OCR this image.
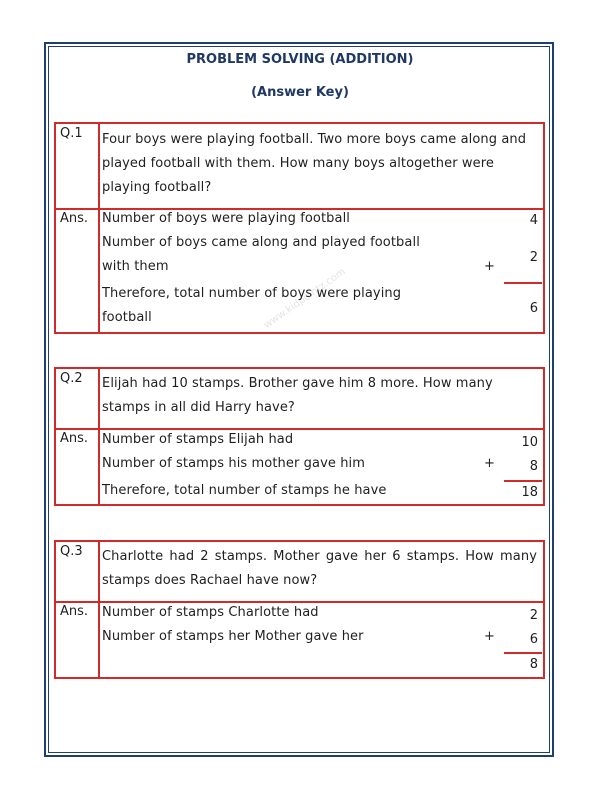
PROBLEM SOLVING (ADDITION)
(Answer Key)
www.kidpointz.com
Q.1 Four boys were playing football. Two more boys came along and played football with them. How many boys altogether were playing football?
Ans. Number of boys were playing football
Number of boys came along and played football
with them
Therefore, total number of boys were playing
football
+
4
2
6
Q.2 Elijah had 10 stamps. Brother gave him 8 more. How many stamps in all did Harry have?
Ans. Number of stamps Elijah had
Number of stamps his mother gave him
Therefore, total number of stamps he have
+
10
8
18
Q.3 Charlotte had 2 stamps. Mother gave her 6 stamps. How many stamps does Rachael have now?
Ans. Number of stamps Charlotte had
Number of stamps her Mother gave her	+
2
6
8
